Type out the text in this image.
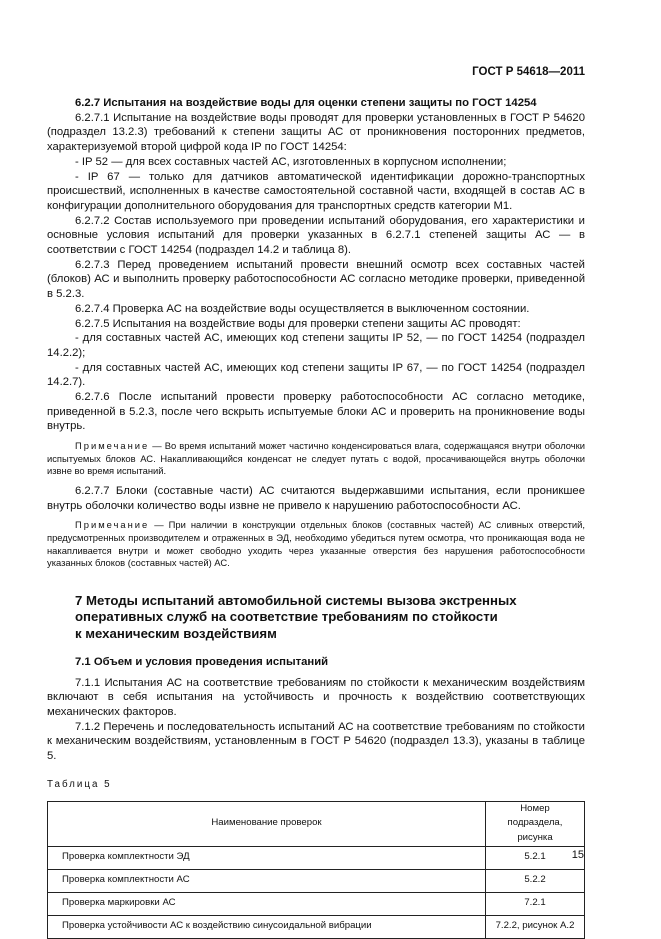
ГОСТ Р 54618—2011

6.2.7 Испытания на воздействие воды для оценки степени защиты по ГОСТ 14254

6.2.7.1 Испытание на воздействие воды проводят для проверки установленных в ГОСТ Р 54620 (подраздел 13.2.3) требований к степени защиты АС от проникновения посторонних предметов, характеризуемой второй цифрой кода IP по ГОСТ 14254:

- IP 52 — для всех составных частей АС, изготовленных в корпусном исполнении;

- IP 67 — только для датчиков автоматической идентификации дорожно-транспортных происшествий, исполненных в качестве самостоятельной составной части, входящей в состав АС в конфигурации дополнительного оборудования для транспортных средств категории М1.

6.2.7.2 Состав используемого при проведении испытаний оборудования, его характеристики и основные условия испытаний для проверки указанных в 6.2.7.1 степеней защиты АС — в соответствии с ГОСТ 14254 (подраздел 14.2 и таблица 8).

6.2.7.3 Перед проведением испытаний провести внешний осмотр всех составных частей (блоков) АС и выполнить проверку работоспособности АС согласно методике проверки, приведенной в 5.2.3.

6.2.7.4 Проверка АС на воздействие воды осуществляется в выключенном состоянии.

6.2.7.5 Испытания на воздействие воды для проверки степени защиты АС проводят:

- для составных частей АС, имеющих код степени защиты IP 52, — по ГОСТ 14254 (подраздел 14.2.2);

- для составных частей АС, имеющих код степени защиты IP 67, — по ГОСТ 14254 (подраздел 14.2.7).

6.2.7.6 После испытаний провести проверку работоспособности АС согласно методике, приведенной в 5.2.3, после чего вскрыть испытуемые блоки АС и проверить на проникновение воды внутрь.

Примечание — Во время испытаний может частично конденсироваться влага, содержащаяся внутри оболочки испытуемых блоков АС. Накапливающийся конденсат не следует путать с водой, просачивающейся внутрь оболочки извне во время испытаний.

6.2.7.7 Блоки (составные части) АС считаются выдержавшими испытания, если проникшее внутрь оболочки количество воды извне не привело к нарушению работоспособности АС.

Примечание — При наличии в конструкции отдельных блоков (составных частей) АС сливных отверстий, предусмотренных производителем и отраженных в ЭД, необходимо убедиться путем осмотра, что проникающая вода не накапливается внутри и может свободно уходить через указанные отверстия без нарушения работоспособности указанных блоков (составных частей) АС.

7 Методы испытаний автомобильной системы вызова экстренных
оперативных служб на соответствие требованиям по стойкости
к механическим воздействиям
7.1 Объем и условия проведения испытаний

7.1.1 Испытания АС на соответствие требованиям по стойкости к механическим воздействиям включают в себя испытания на устойчивость и прочность к воздействию соответствующих механических факторов.

7.1.2 Перечень и последовательность испытаний АС на соответствие требованиям по стойкости к механическим воздействиям, установленным в ГОСТ Р 54620 (подраздел 13.3), указаны в таблице 5.

Таблица 5
Наименование проверок	Номер подраздела,
рисунка
Проверка комплектности ЭД	5.2.1
Проверка комплектности АС	5.2.2
Проверка маркировки АС	7.2.1
Проверка устойчивости АС к воздействию синусоидальной вибрации	7.2.2, рисунок А.2
15
